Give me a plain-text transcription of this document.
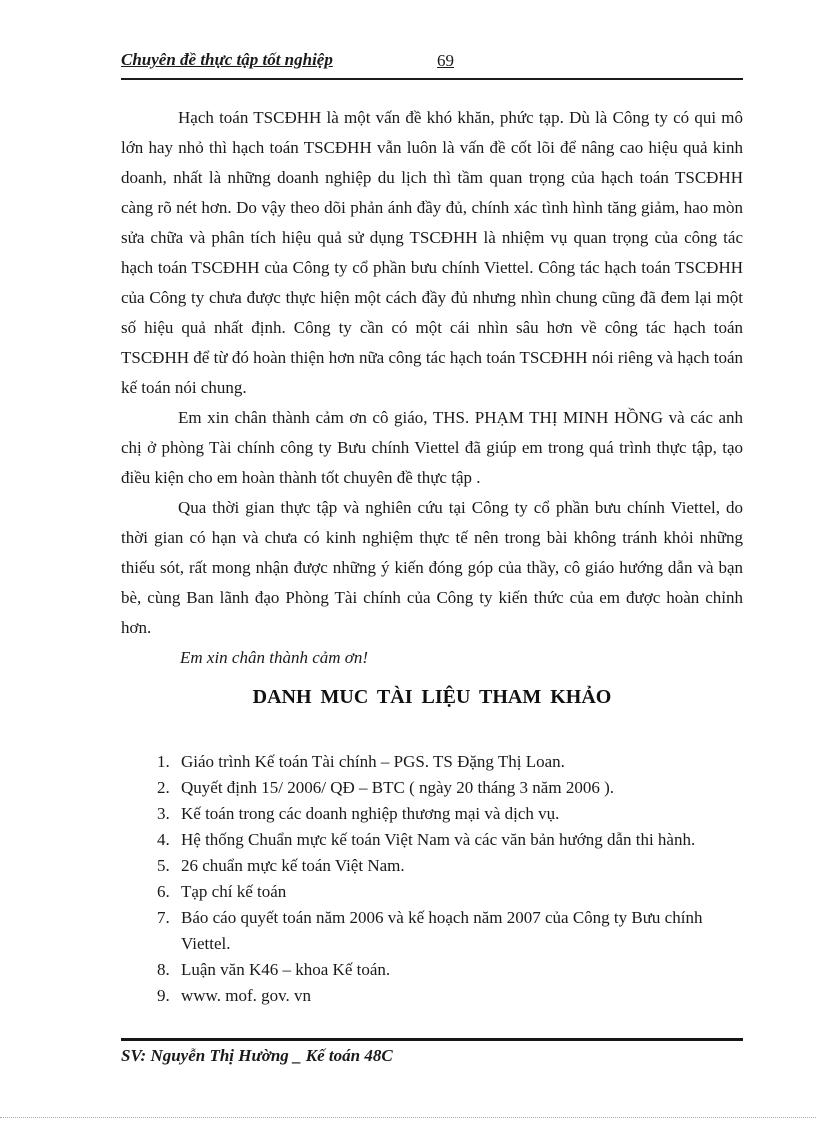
Chuyên đề thực tập tốt nghiệp	69

Hạch toán TSCĐHH là một vấn đề khó khăn, phức tạp. Dù là Công ty có qui mô lớn hay nhỏ thì hạch toán TSCĐHH vẫn luôn là vấn đề cốt lõi để nâng cao hiệu quả kinh doanh, nhất là những doanh nghiệp du lịch thì tầm quan trọng của hạch toán TSCĐHH càng rõ nét hơn. Do vậy theo dõi phản ánh đầy đủ, chính xác tình hình tăng giảm, hao mòn sửa chữa và phân tích hiệu quả sử dụng TSCĐHH là nhiệm vụ quan trọng của công tác hạch toán TSCĐHH của Công ty cổ phần bưu chính Viettel. Công tác hạch toán TSCĐHH của Công ty chưa được thực hiện một cách đầy đủ nhưng nhìn chung cũng đã đem lại một số hiệu quả nhất định. Công ty cần có một cái nhìn sâu hơn về công tác hạch toán TSCĐHH để từ đó hoàn thiện hơn nữa công tác hạch toán TSCĐHH nói riêng và hạch toán kế toán nói chung.

Em xin chân thành cảm ơn cô giáo, THS. PHẠM THỊ MINH HỒNG và các anh chị ở phòng Tài chính công ty Bưu chính Viettel đã giúp em trong quá trình thực tập, tạo điều kiện cho em hoàn thành tốt chuyên đề thực tập .

Qua thời gian thực tập và nghiên cứu tại Công ty cổ phần bưu chính Viettel, do thời gian có hạn và chưa có kinh nghiệm thực tế nên trong bài không tránh khỏi những thiếu sót, rất mong nhận được những ý kiến đóng góp của thầy, cô giáo hướng dẫn và bạn bè, cùng Ban lãnh đạo Phòng Tài chính của Công ty kiến thức của em được hoàn chỉnh hơn.

Em xin chân thành cảm ơn!

DANH MUC TÀI LIỆU THAM KHẢO
1. Giáo trình Kế toán Tài chính – PGS. TS Đặng Thị Loan.
2. Quyết định 15/ 2006/ QĐ – BTC ( ngày 20 tháng 3 năm 2006 ).
3. Kế toán trong các doanh nghiệp thương mại và dịch vụ.
4. Hệ thống Chuẩn mực kế toán Việt Nam và các văn bản hướng dẫn thi hành.
5. 26 chuẩn mực kế toán Việt Nam.
6. Tạp chí kế toán
7. Báo cáo quyết toán năm 2006 và kế hoạch năm 2007 của Công ty Bưu chính Viettel.
8. Luận văn K46 – khoa Kế toán.
9. www. mof. gov. vn
SV: Nguyễn Thị Hường _ Kế toán 48C
